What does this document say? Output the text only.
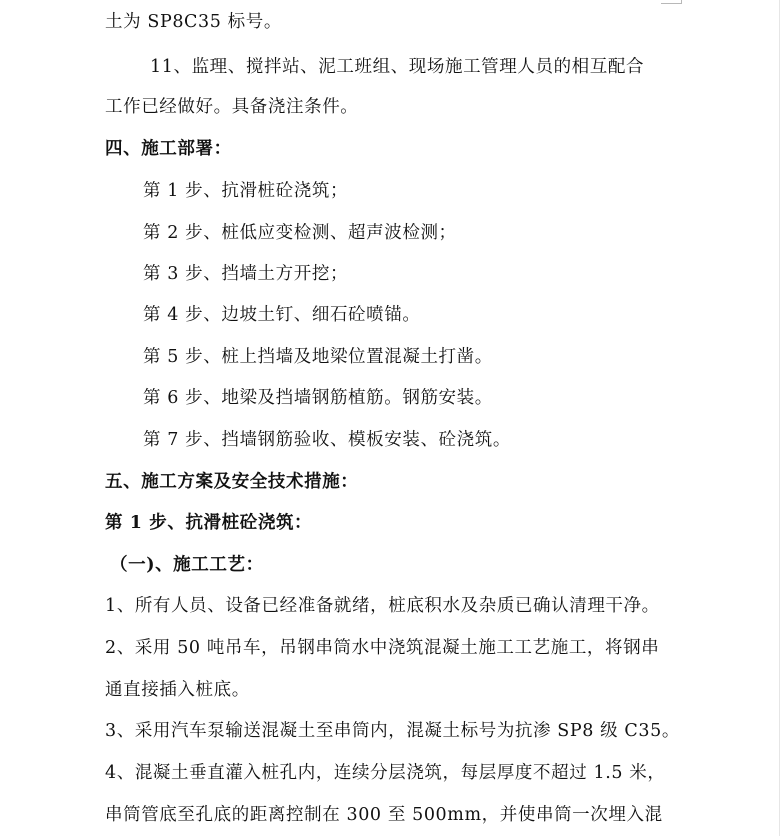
土为 SP8C35 标号。
11、监理、搅拌站、泥工班组、现场施工管理人员的相互配合
工作已经做好。具备浇注条件。
四、施工部署：
第 1 步、抗滑桩砼浇筑；
第 2 步、桩低应变检测、超声波检测；
第 3 步、挡墙土方开挖；
第 4 步、边坡土钉、细石砼喷锚。
第 5 步、桩上挡墙及地梁位置混凝土打凿。
第 6 步、地梁及挡墙钢筋植筋。钢筋安装。
第 7 步、挡墙钢筋验收、模板安装、砼浇筑。
五、施工方案及安全技术措施：
第 1 步、抗滑桩砼浇筑：
（一)、施工工艺：
1、所有人员、设备已经准备就绪，桩底积水及杂质已确认清理干净。
2、采用 50 吨吊车，吊钢串筒水中浇筑混凝土施工工艺施工，将钢串
通直接插入桩底。
3、采用汽车泵输送混凝土至串筒内，混凝土标号为抗渗 SP8 级 C35。
4、混凝土垂直灌入桩孔内，连续分层浇筑，每层厚度不超过 1.5 米，
串筒管底至孔底的距离控制在 300 至 500mm，并使串筒一次埋入混
